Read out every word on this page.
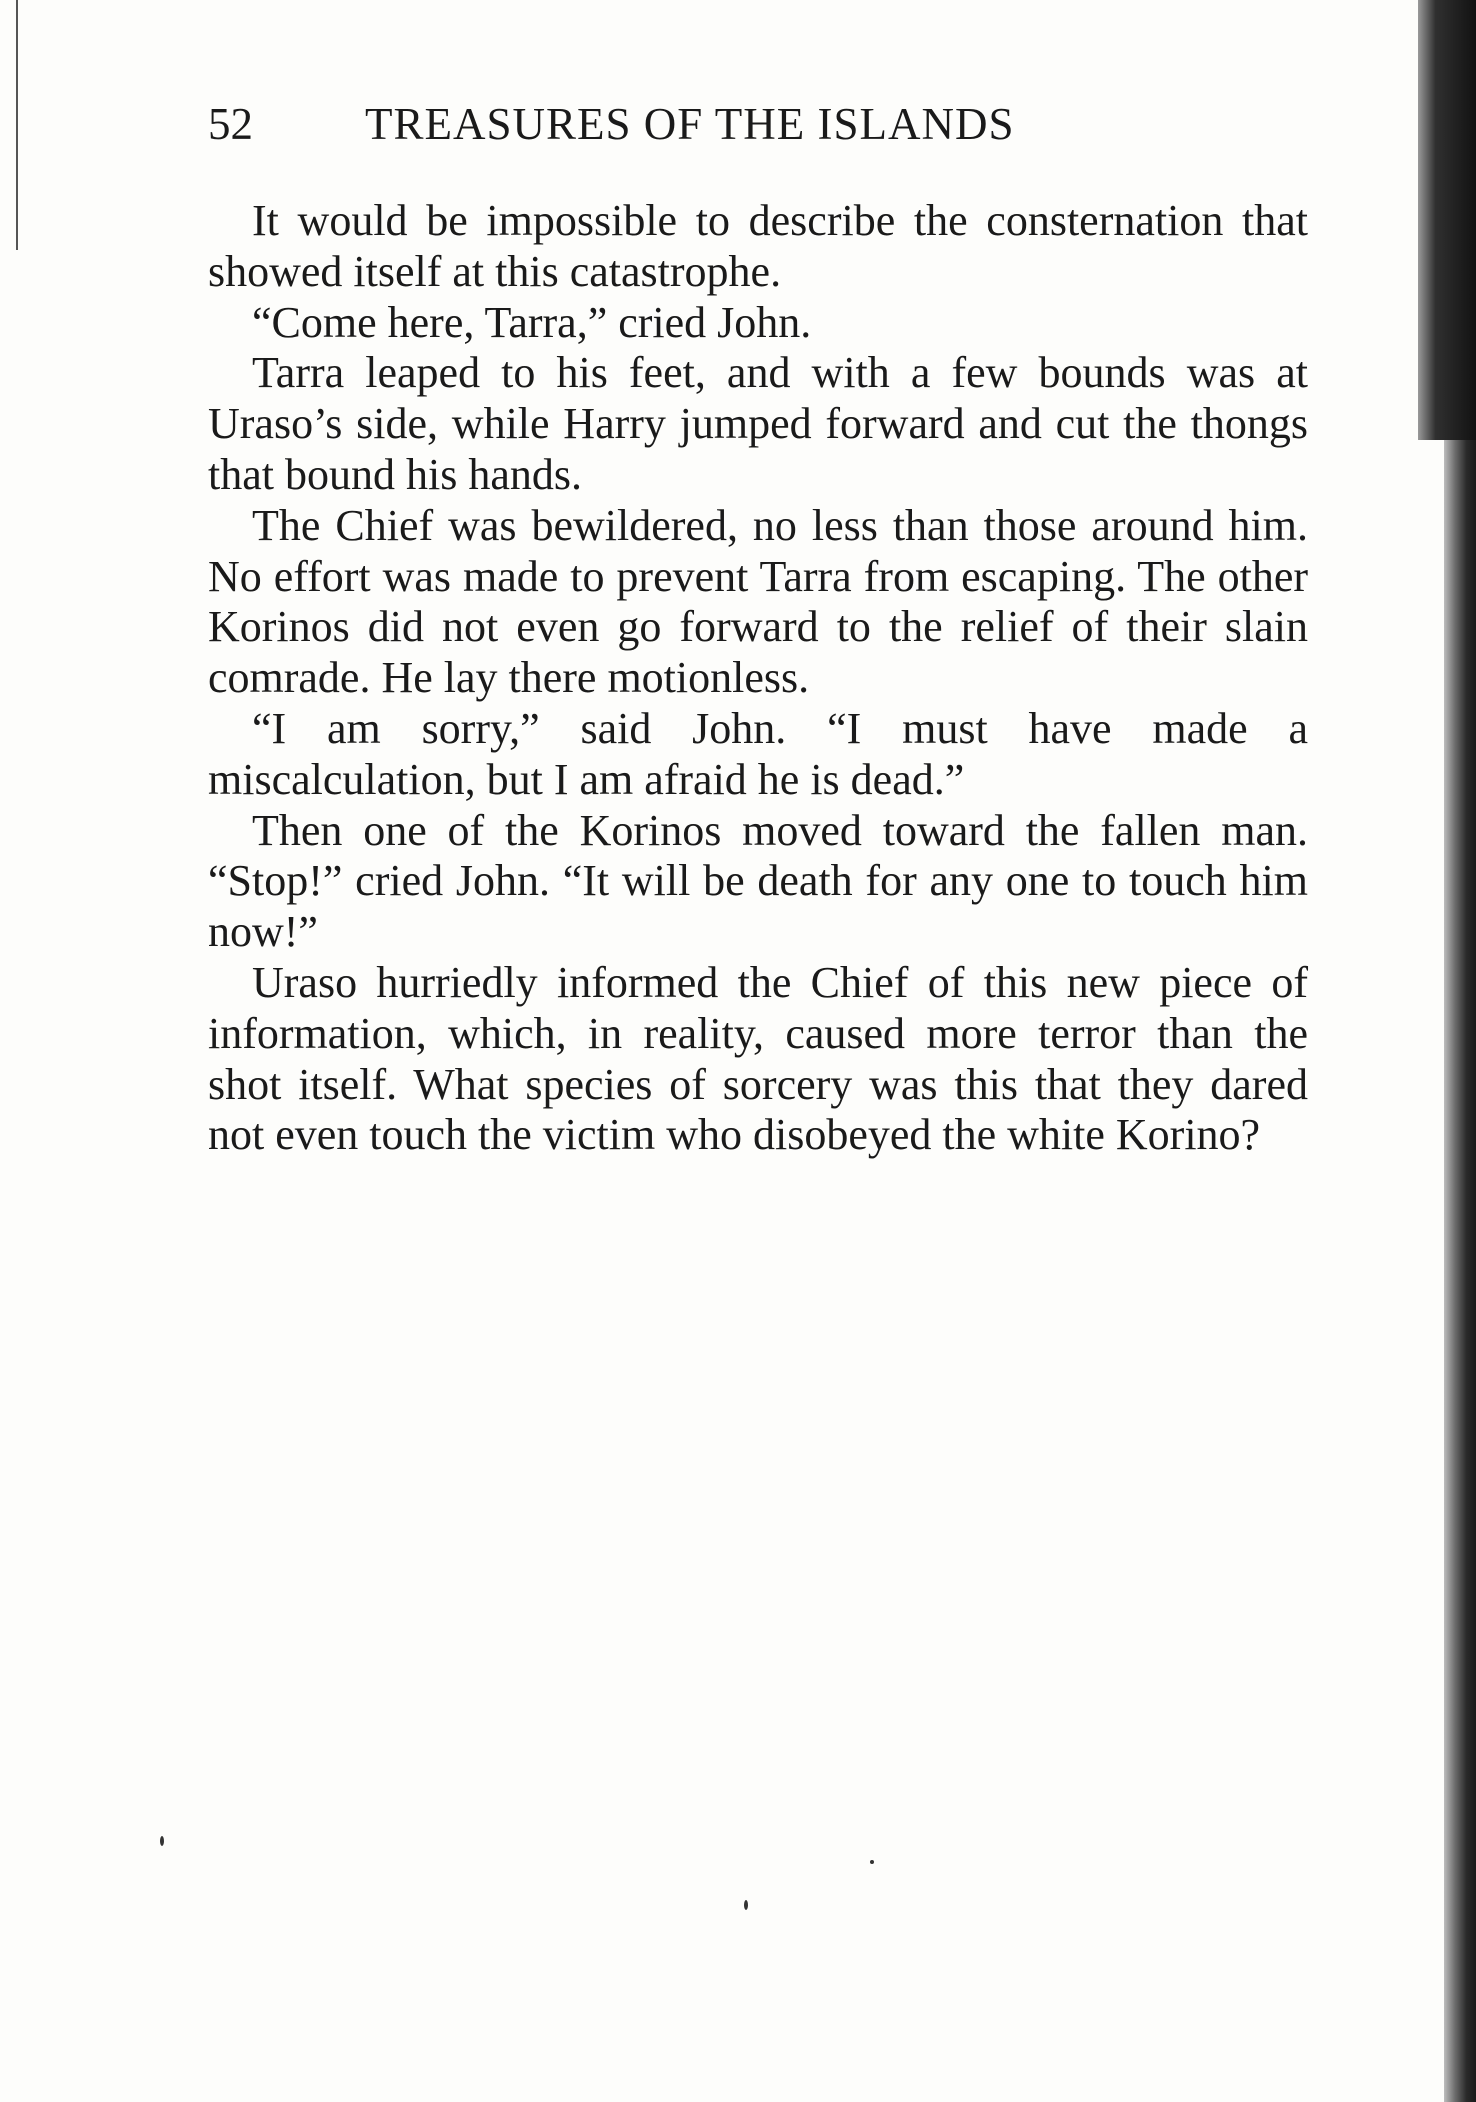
52 TREASURES OF THE ISLANDS

It would be impossible to describe the consternation that showed itself at this catastrophe.

“Come here, Tarra,” cried John.

Tarra leaped to his feet, and with a few bounds was at Uraso’s side, while Harry jumped forward and cut the thongs that bound his hands.

The Chief was bewildered, no less than those around him. No effort was made to prevent Tarra from escaping. The other Korinos did not even go forward to the relief of their slain comrade. He lay there motionless.

“I am sorry,” said John. “I must have made a miscalculation, but I am afraid he is dead.”

Then one of the Korinos moved toward the fallen man. “Stop!” cried John. “It will be death for any one to touch him now!”

Uraso hurriedly informed the Chief of this new piece of information, which, in reality, caused more terror than the shot itself. What species of sorcery was this that they dared not even touch the victim who disobeyed the white Korino?
